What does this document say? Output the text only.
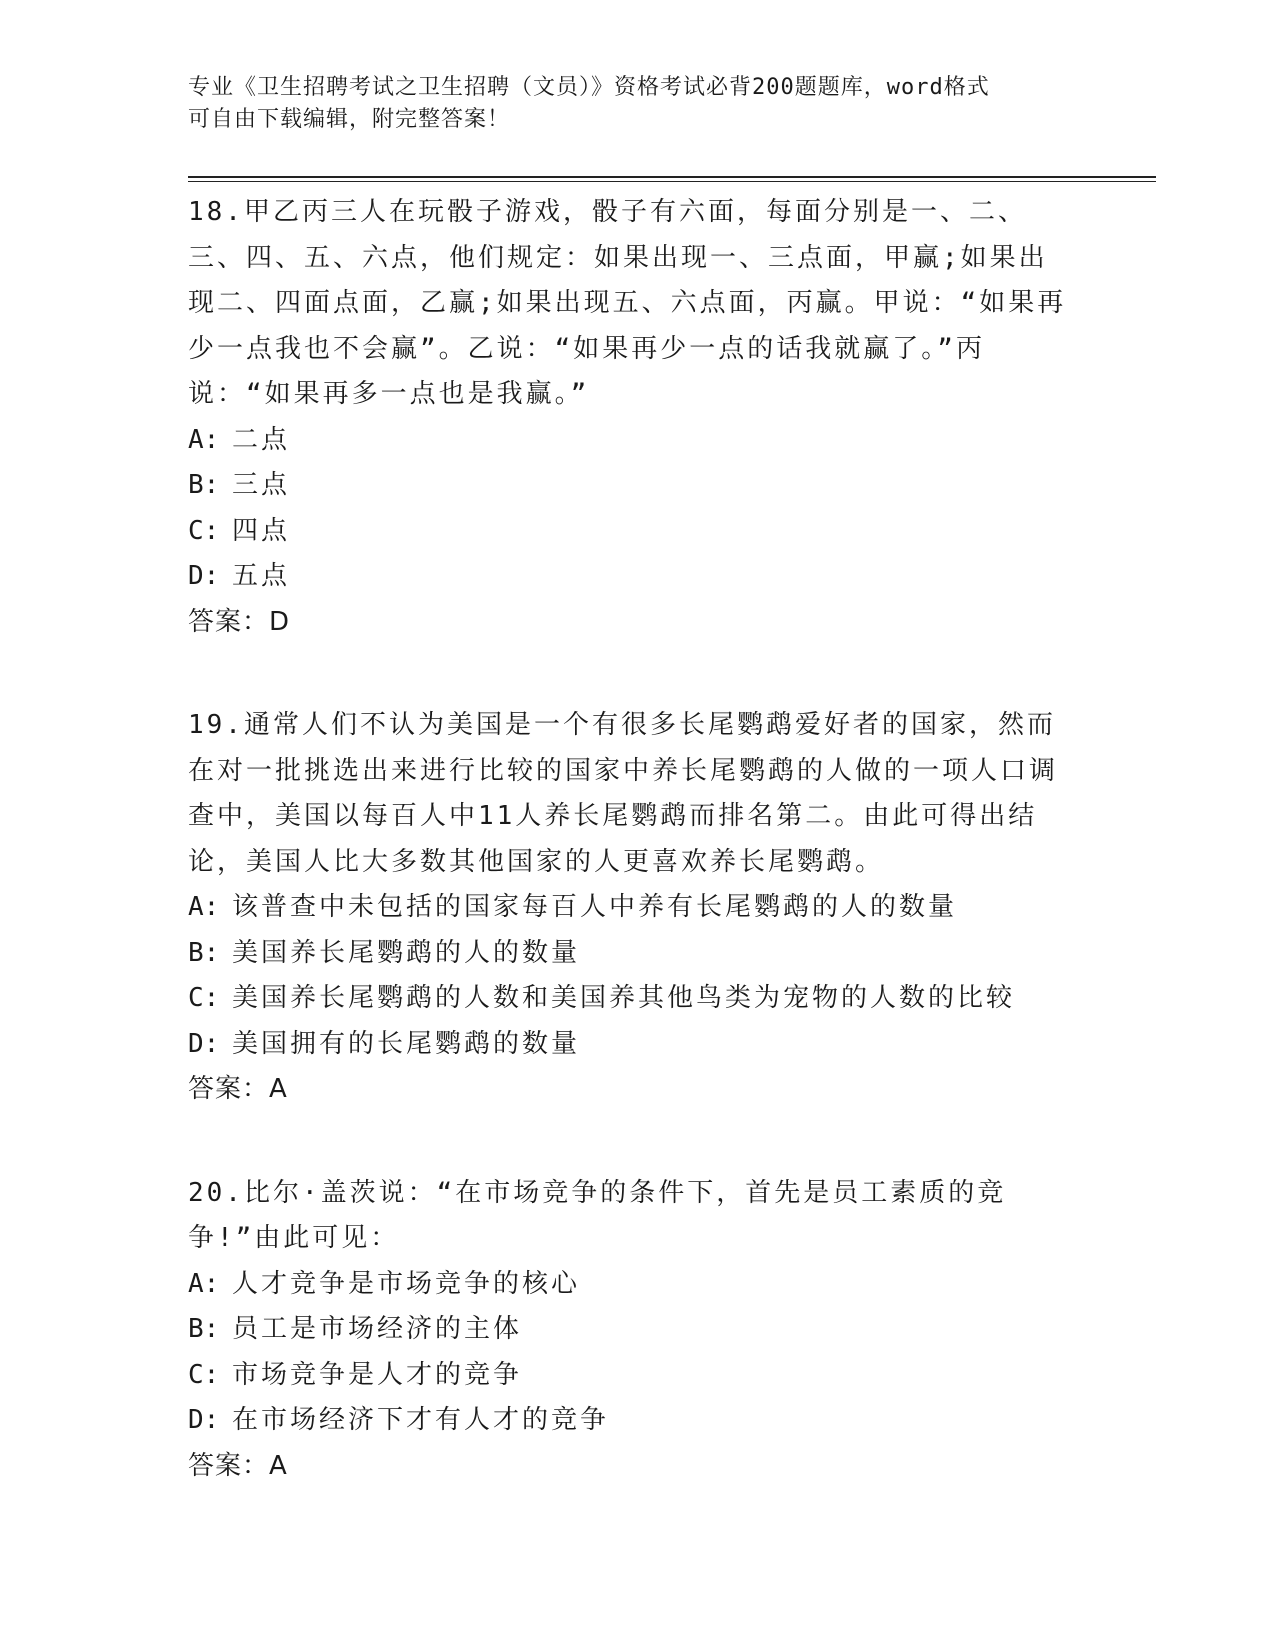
专业《卫生招聘考试之卫生招聘（文员）》资格考试必背200题题库，word格式
可自由下载编辑，附完整答案！

18.甲乙丙三人在玩骰子游戏，骰子有六面，每面分别是一、二、三、四、五、六点，他们规定：如果出现一、三点面，甲赢;如果出现二、四面点面，乙赢;如果出现五、六点面，丙赢。甲说：“如果再少一点我也不会赢”。乙说：“如果再少一点的话我就赢了。”丙说：“如果再多一点也是我赢。”

A: 二点

B: 三点

C: 四点

D: 五点

答案：D

19.通常人们不认为美国是一个有很多长尾鹦鹉爱好者的国家，然而在对一批挑选出来进行比较的国家中养长尾鹦鹉的人做的一项人口调查中，美国以每百人中11人养长尾鹦鹉而排名第二。由此可得出结论，美国人比大多数其他国家的人更喜欢养长尾鹦鹉。

A: 该普查中未包括的国家每百人中养有长尾鹦鹉的人的数量

B: 美国养长尾鹦鹉的人的数量

C: 美国养长尾鹦鹉的人数和美国养其他鸟类为宠物的人数的比较

D: 美国拥有的长尾鹦鹉的数量

答案：A

20.比尔·盖茨说：“在市场竞争的条件下，首先是员工素质的竞争!”由此可见：

A: 人才竞争是市场竞争的核心

B: 员工是市场经济的主体

C: 市场竞争是人才的竞争

D: 在市场经济下才有人才的竞争

答案：A
